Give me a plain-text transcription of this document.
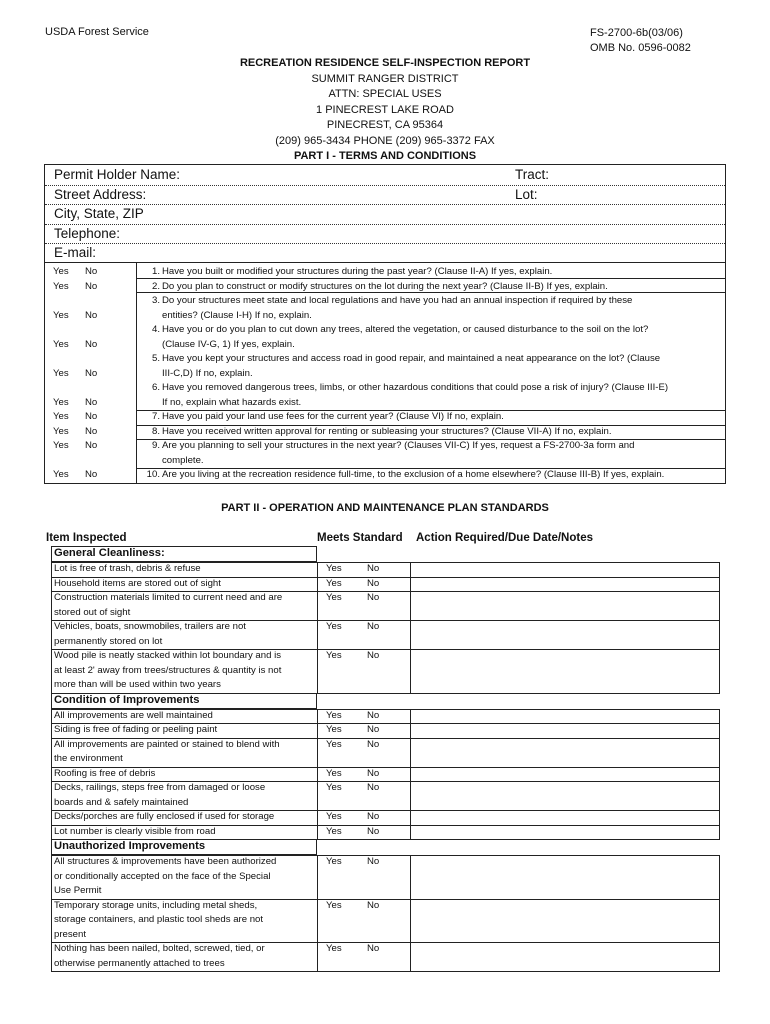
USDA Forest Service	FS-2700-6b(03/06)
OMB No. 0596-0082
RECREATION RESIDENCE SELF-INSPECTION REPORT
SUMMIT RANGER DISTRICT
ATTN: SPECIAL USES
1 PINECREST LAKE ROAD
PINECREST, CA 95364
(209) 965-3434 PHONE (209) 965-3372 FAX
PART I - TERMS AND CONDITIONS
Permit Holder Name:	Tract:
Street Address:	Lot:
City, State, ZIP
Telephone:
E-mail:
Yes No	1. Have you built or modified your structures during the past year? (Clause II-A) If yes, explain.
Yes No	2. Do you plan to construct or modify structures on the lot during the next year? (Clause II-B) If yes, explain.
Yes No
3. Do your structures meet state and local regulations and have you had an annual inspection if required by these
entities? (Clause I-H) If no, explain.
Yes No
4. Have you or do you plan to cut down any trees, altered the vegetation, or caused disturbance to the soil on the lot?
(Clause IV-G, 1) If yes, explain.
Yes No
5. Have you kept your structures and access road in good repair, and maintained a neat appearance on the lot? (Clause
III-C,D) If no, explain.
Yes No
6. Have you removed dangerous trees, limbs, or other hazardous conditions that could pose a risk of injury? (Clause III-E)
If no, explain what hazards exist.
Yes No	7. Have you paid your land use fees for the current year? (Clause VI) If no, explain.
Yes No	8. Have you received written approval for renting or subleasing your structures? (Clause VII-A) If no, explain.
Yes No	9. Are you planning to sell your structures in the next year? (Clauses VII-C) If yes, request a FS-2700-3a form and
complete.
Yes No	10. Are you living at the recreation residence full-time, to the exclusion of a home elsewhere? (Clause III-B) If yes, explain.
PART II - OPERATION AND MAINTENANCE PLAN STANDARDS
Item Inspected	Meets Standard Action Required/Due Date/Notes
General Cleanliness:
Lot is free of trash, debris & refuse	Yes	No
Household items are stored out of sight	Yes	No
Construction materials limited to current need and are
stored out of sight
Yes	No
Vehicles, boats, snowmobiles, trailers are not
permanently stored on lot
Yes	No
Wood pile is neatly stacked within lot boundary and is
at least 2' away from trees/structures & quantity is not
more than will be used within two years
Yes	No
Condition of Improvements
All improvements are well maintained	Yes	No
Siding is free of fading or peeling paint	Yes	No
All improvements are painted or stained to blend with
the environment
Yes	No
Roofing is free of debris	Yes	No
Decks, railings, steps free from damaged or loose
boards and & safely maintained
Yes	No
Decks/porches are fully enclosed if used for storage	Yes	No
Lot number is clearly visible from road	Yes	No
Unauthorized Improvements
All structures & improvements have been authorized
or conditionally accepted on the face of the Special
Use Permit
Yes	No
Temporary storage units, including metal sheds,
storage containers, and plastic tool sheds are not
present
Yes	No
Nothing has been nailed, bolted, screwed, tied, or
otherwise permanently attached to trees
Yes	No
